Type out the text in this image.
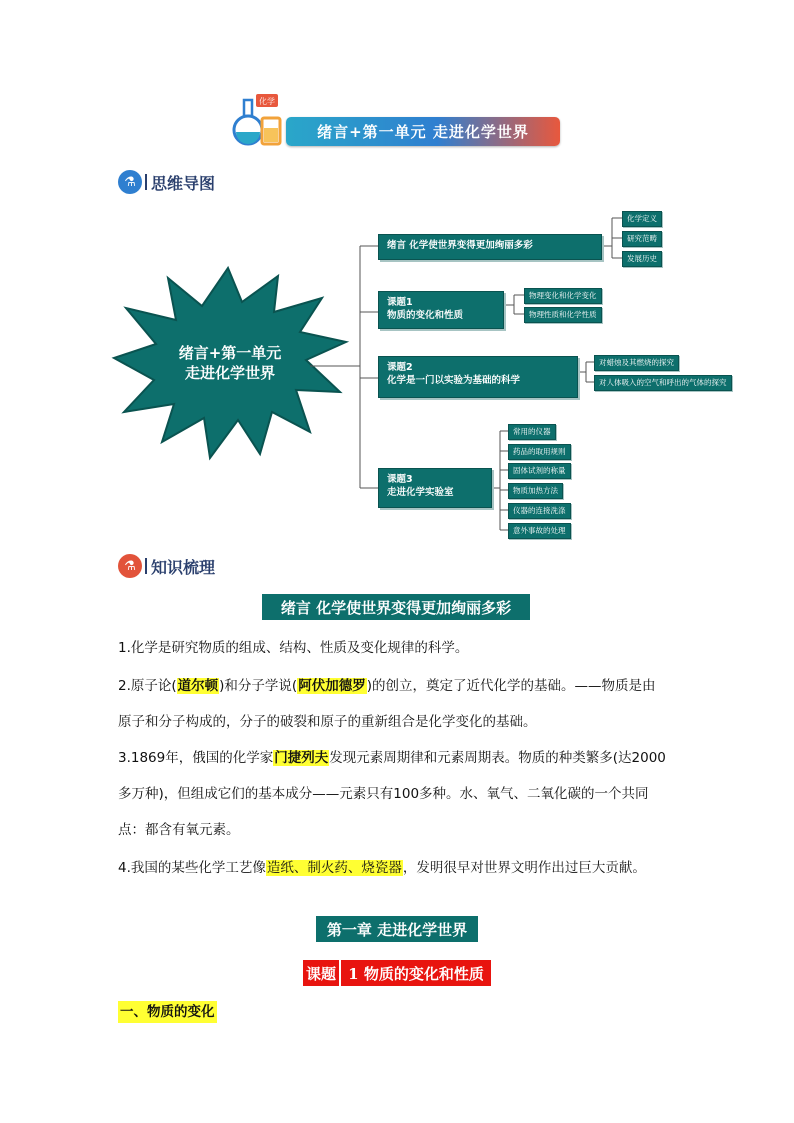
化学
绪言+第一单元 走进化学世界
⚗ 思维导图
绪言+第一单元
走进化学世界
绪言 化学使世界变得更加绚丽多彩
课题1
物质的变化和性质
课题2
化学是一门以实验为基础的科学
课题3
走进化学实验室
化学定义
研究范畴
发展历史
物理变化和化学变化
物理性质和化学性质
对蜡烛及其燃烧的探究
对人体吸入的空气和呼出的气体的探究
常用的仪器
药品的取用规则
固体试剂的称量
物质加热方法
仪器的连接洗涤
意外事故的处理
⚗ 知识梳理
绪言 化学使世界变得更加绚丽多彩
1.化学是研究物质的组成、结构、性质及变化规律的科学。
2.原子论(道尔顿)和分子学说(阿伏加德罗)的创立，奠定了近代化学的基础。——物质是由
原子和分子构成的，分子的破裂和原子的重新组合是化学变化的基础。
3.1869年，俄国的化学家门捷列夫发现元素周期律和元素周期表。物质的种类繁多(达2000
多万种)，但组成它们的基本成分——元素只有100多种。水、氧气、二氧化碳的一个共同
点：都含有氧元素。
4.我国的某些化学工艺像造纸、制火药、烧瓷器，发明很早对世界文明作出过巨大贡献。
第一章 走进化学世界
课题 1 物质的变化和性质
一、物质的变化
